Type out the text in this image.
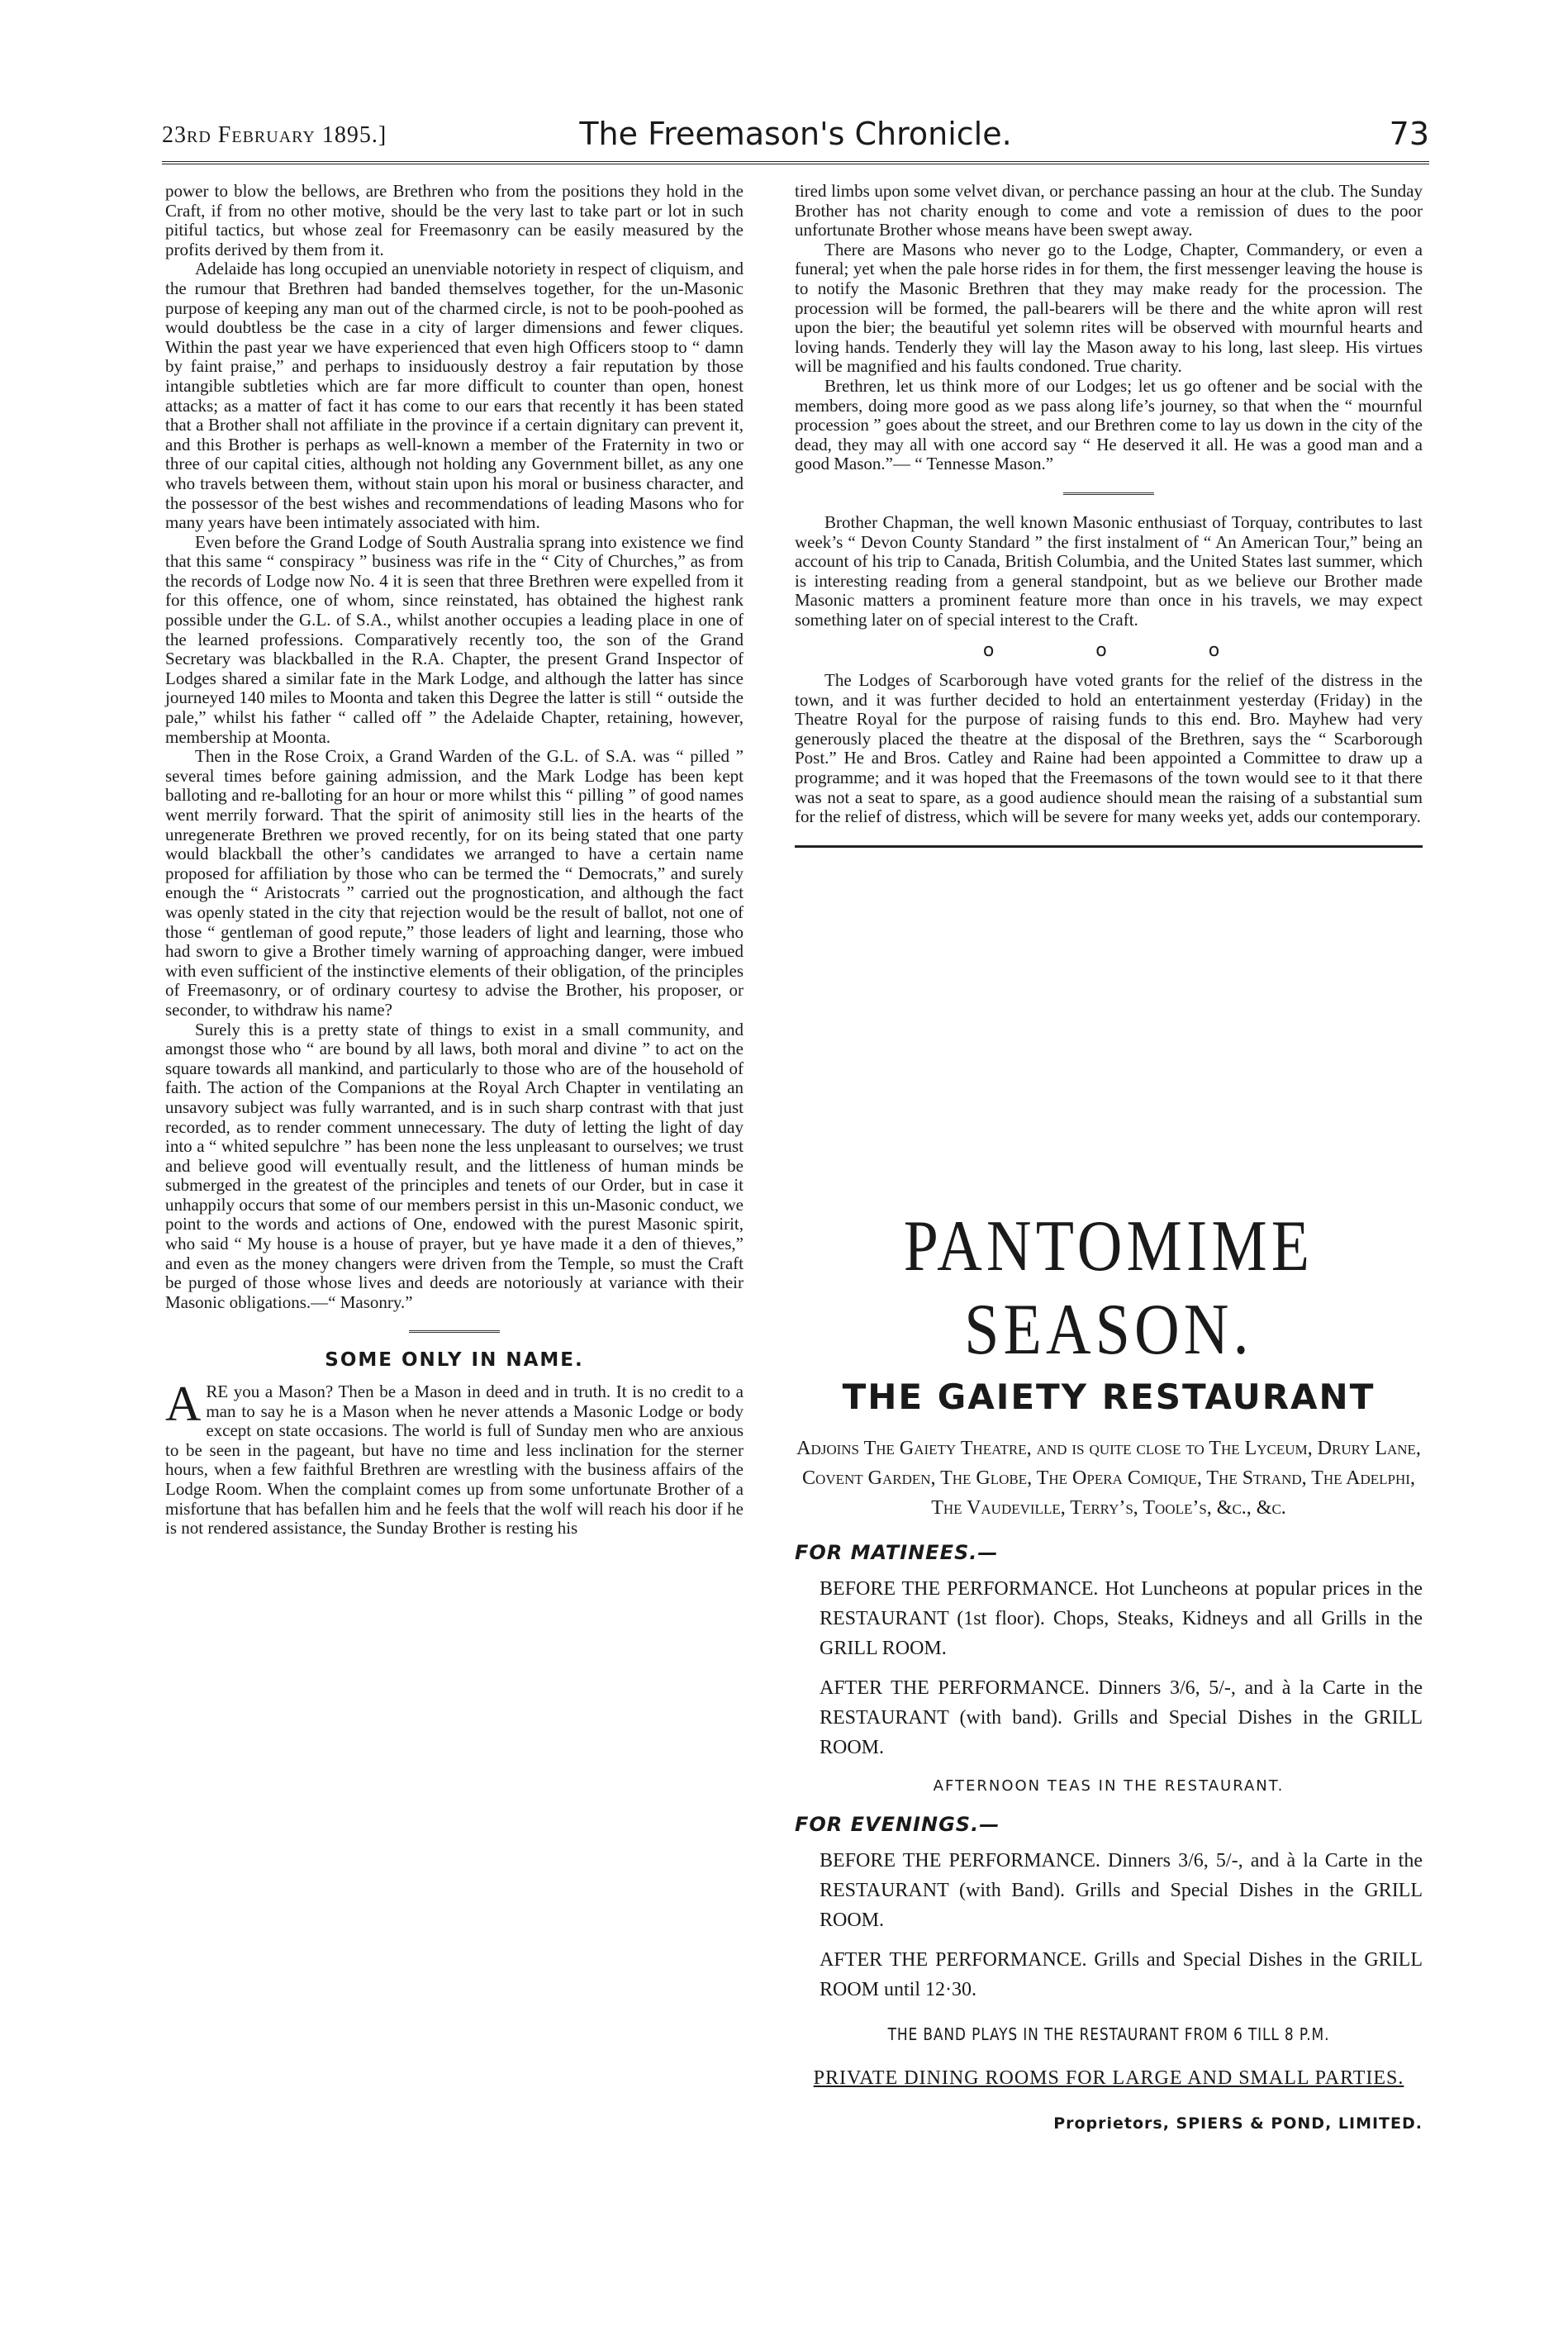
23rd February 1895.]	The Freemason's Chronicle.	73

power to blow the bellows, are Brethren who from the positions they hold in the Craft, if from no other motive, should be the very last to take part or lot in such pitiful tactics, but whose zeal for Freemasonry can be easily measured by the profits derived by them from it.

Adelaide has long occupied an unenviable notoriety in respect of cliquism, and the rumour that Brethren had banded themselves together, for the un-Masonic purpose of keeping any man out of the charmed circle, is not to be pooh-poohed as would doubtless be the case in a city of larger dimensions and fewer cliques. Within the past year we have experienced that even high Officers stoop to “ damn by faint praise,” and perhaps to insiduously destroy a fair reputation by those intangible subtleties which are far more difficult to counter than open, honest attacks; as a matter of fact it has come to our ears that recently it has been stated that a Brother shall not affiliate in the province if a certain dignitary can prevent it, and this Brother is perhaps as well-known a member of the Fraternity in two or three of our capital cities, although not holding any Government billet, as any one who travels between them, without stain upon his moral or business character, and the possessor of the best wishes and recommendations of leading Masons who for many years have been intimately associated with him.

Even before the Grand Lodge of South Australia sprang into existence we find that this same “ conspiracy ” business was rife in the “ City of Churches,” as from the records of Lodge now No. 4 it is seen that three Brethren were expelled from it for this offence, one of whom, since reinstated, has obtained the highest rank possible under the G.L. of S.A., whilst another occupies a leading place in one of the learned professions. Comparatively recently too, the son of the Grand Secretary was blackballed in the R.A. Chapter, the present Grand Inspector of Lodges shared a similar fate in the Mark Lodge, and although the latter has since journeyed 140 miles to Moonta and taken this Degree the latter is still “ outside the pale,” whilst his father “ called off ” the Adelaide Chapter, retaining, however, membership at Moonta.

Then in the Rose Croix, a Grand Warden of the G.L. of S.A. was “ pilled ” several times before gaining admission, and the Mark Lodge has been kept balloting and re-balloting for an hour or more whilst this “ pilling ” of good names went merrily forward. That the spirit of animosity still lies in the hearts of the unregenerate Brethren we proved recently, for on its being stated that one party would blackball the other’s candidates we arranged to have a certain name proposed for affiliation by those who can be termed the “ Democrats,” and surely enough the “ Aristocrats ” carried out the prognostication, and although the fact was openly stated in the city that rejection would be the result of ballot, not one of those “ gentleman of good repute,” those leaders of light and learning, those who had sworn to give a Brother timely warning of approaching danger, were imbued with even sufficient of the instinctive elements of their obligation, of the principles of Freemasonry, or of ordinary courtesy to advise the Brother, his proposer, or seconder, to withdraw his name?

Surely this is a pretty state of things to exist in a small community, and amongst those who “ are bound by all laws, both moral and divine ” to act on the square towards all mankind, and particularly to those who are of the household of faith. The action of the Companions at the Royal Arch Chapter in ventilating an unsavory subject was fully warranted, and is in such sharp contrast with that just recorded, as to render comment unnecessary. The duty of letting the light of day into a “ whited sepulchre ” has been none the less unpleasant to ourselves; we trust and believe good will eventually result, and the littleness of human minds be submerged in the greatest of the principles and tenets of our Order, but in case it unhappily occurs that some of our members persist in this un-Masonic conduct, we point to the words and actions of One, endowed with the purest Masonic spirit, who said “ My house is a house of prayer, but ye have made it a den of thieves,” and even as the money changers were driven from the Temple, so must the Craft be purged of those whose lives and deeds are notoriously at variance with their Masonic obligations.—“ Masonry.”

SOME ONLY IN NAME.

ARE you a Mason? Then be a Mason in deed and in truth. It is no credit to a man to say he is a Mason when he never attends a Masonic Lodge or body except on state occasions. The world is full of Sunday men who are anxious to be seen in the pageant, but have no time and less inclination for the sterner hours, when a few faithful Brethren are wrestling with the business affairs of the Lodge Room. When the complaint comes up from some unfortunate Brother of a misfortune that has befallen him and he feels that the wolf will reach his door if he is not rendered assistance, the Sunday Brother is resting his

tired limbs upon some velvet divan, or perchance passing an hour at the club. The Sunday Brother has not charity enough to come and vote a remission of dues to the poor unfortunate Brother whose means have been swept away.

There are Masons who never go to the Lodge, Chapter, Commandery, or even a funeral; yet when the pale horse rides in for them, the first messenger leaving the house is to notify the Masonic Brethren that they may make ready for the procession. The procession will be formed, the pall-bearers will be there and the white apron will rest upon the bier; the beautiful yet solemn rites will be observed with mournful hearts and loving hands. Tenderly they will lay the Mason away to his long, last sleep. His virtues will be magnified and his faults condoned. True charity.

Brethren, let us think more of our Lodges; let us go oftener and be social with the members, doing more good as we pass along life’s journey, so that when the “ mournful procession ” goes about the street, and our Brethren come to lay us down in the city of the dead, they may all with one accord say “ He deserved it all. He was a good man and a good Mason.”— “ Tennesse Mason.”

Brother Chapman, the well known Masonic enthusiast of Torquay, contributes to last week’s “ Devon County Standard ” the first instalment of “ An American Tour,” being an account of his trip to Canada, British Columbia, and the United States last summer, which is interesting reading from a general standpoint, but as we believe our Brother made Masonic matters a prominent feature more than once in his travels, we may expect something later on of special interest to the Craft.

o o o

The Lodges of Scarborough have voted grants for the relief of the distress in the town, and it was further decided to hold an entertainment yesterday (Friday) in the Theatre Royal for the purpose of raising funds to this end. Bro. Mayhew had very generously placed the theatre at the disposal of the Brethren, says the “ Scarborough Post.” He and Bros. Catley and Raine had been appointed a Committee to draw up a programme; and it was hoped that the Freemasons of the town would see to it that there was not a seat to spare, as a good audience should mean the raising of a substantial sum for the relief of distress, which will be severe for many weeks yet, adds our contemporary.

PANTOMIME SEASON.
THE GAIETY RESTAURANT
Adjoins The Gaiety Theatre, and is quite close to The Lyceum, Drury Lane, Covent Garden, The Globe, The Opera Comique, The Strand, The Adelphi, The Vaudeville, Terry’s, Toole’s, &c., &c.
FOR MATINEES.—
BEFORE THE PERFORMANCE. Hot Luncheons at popular prices in the RESTAURANT (1st floor). Chops, Steaks, Kidneys and all Grills in the GRILL ROOM.
AFTER THE PERFORMANCE. Dinners 3/6, 5/-, and à la Carte in the RESTAURANT (with band). Grills and Special Dishes in the GRILL ROOM.
AFTERNOON TEAS IN THE RESTAURANT.
FOR EVENINGS.—
BEFORE THE PERFORMANCE. Dinners 3/6, 5/-, and à la Carte in the RESTAURANT (with Band). Grills and Special Dishes in the GRILL ROOM.
AFTER THE PERFORMANCE. Grills and Special Dishes in the GRILL ROOM until 12·30.
THE BAND PLAYS IN THE RESTAURANT FROM 6 TILL 8 P.M.
PRIVATE DINING ROOMS FOR LARGE AND SMALL PARTIES.
Proprietors, SPIERS & POND, LIMITED.
